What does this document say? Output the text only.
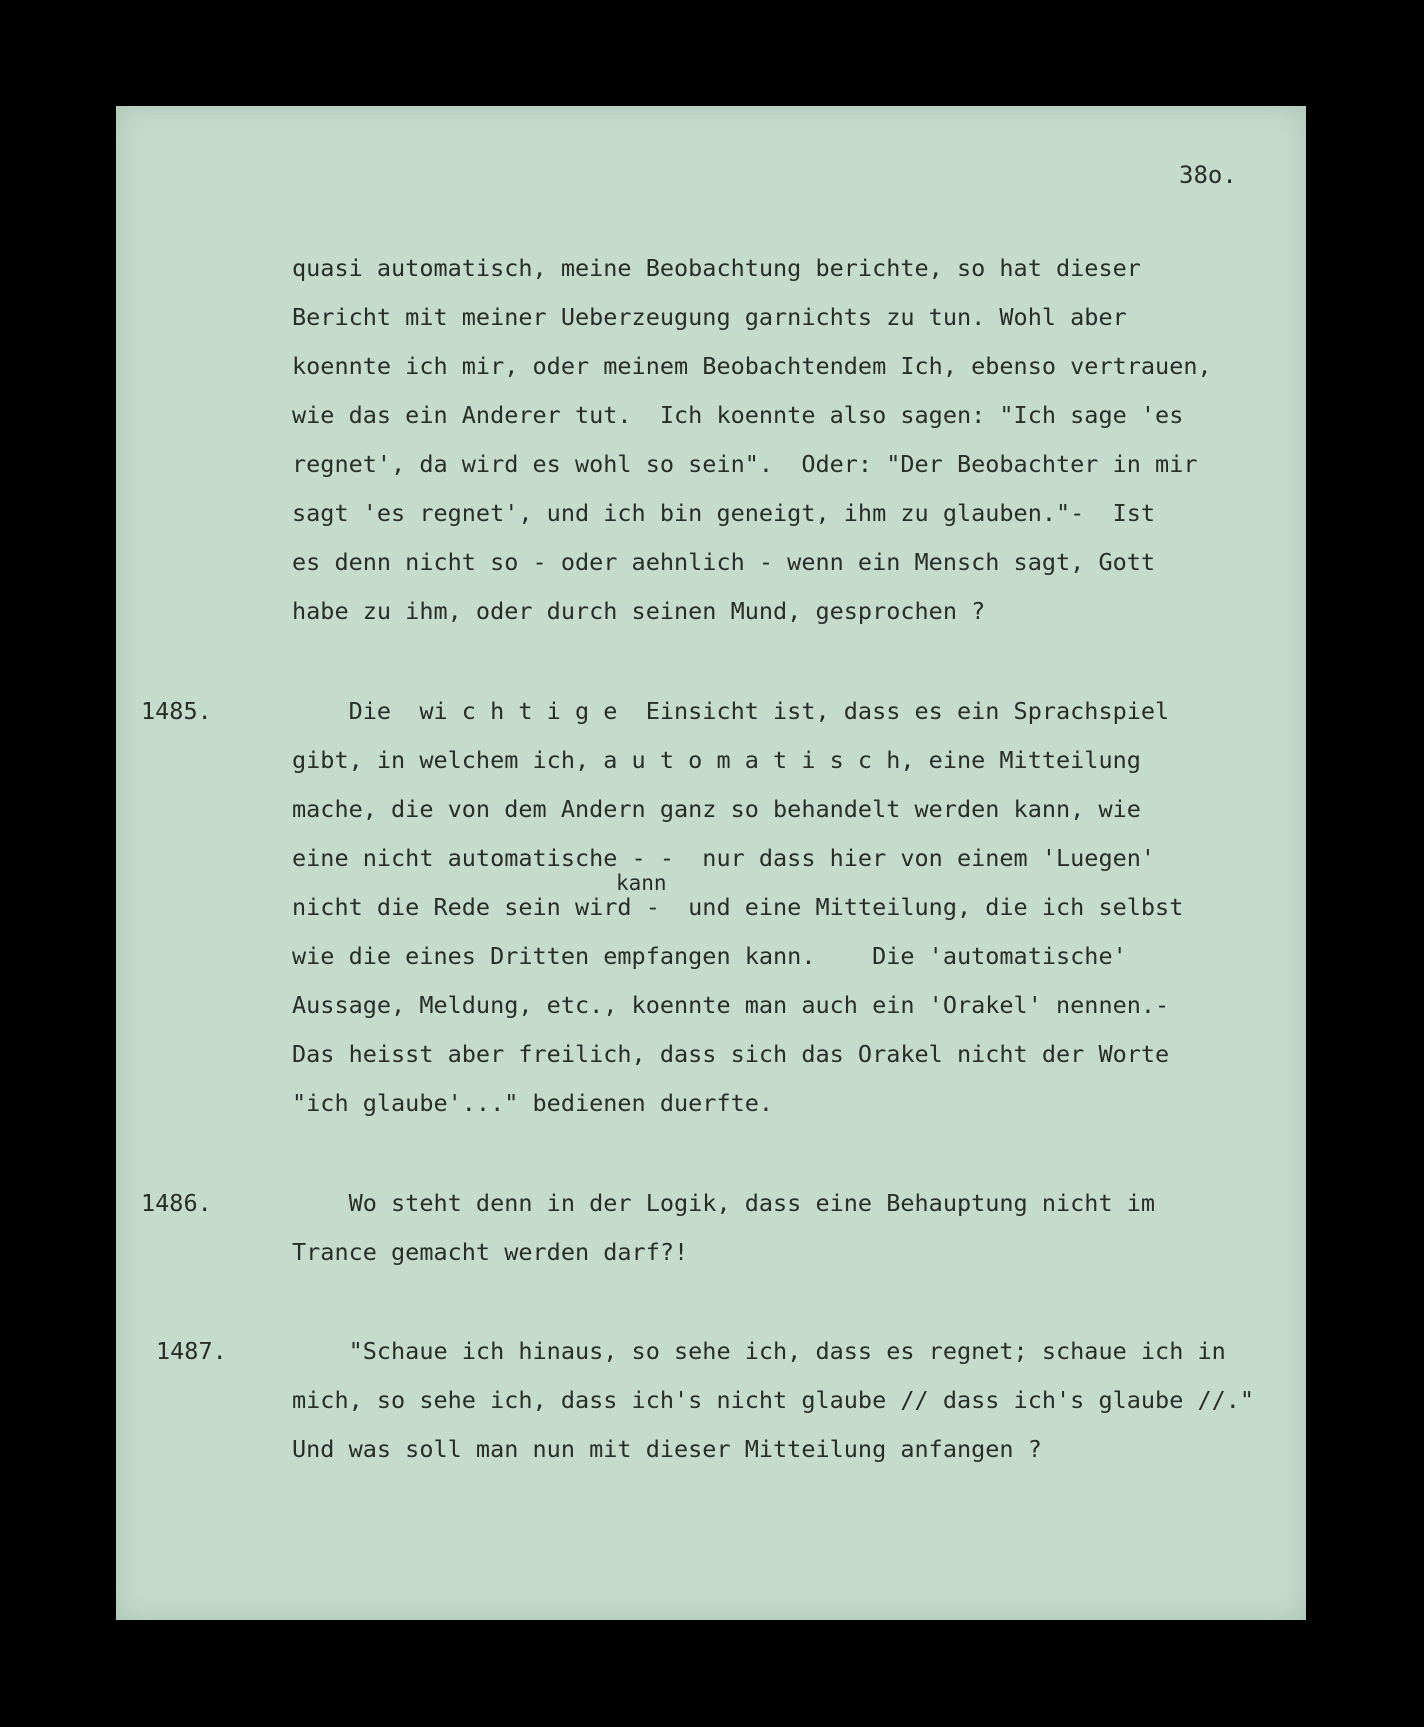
38o.
quasi automatisch, meine Beobachtung berichte, so hat dieser
Bericht mit meiner Ueberzeugung garnichts zu tun. Wohl aber
koennte ich mir, oder meinem Beobachtendem Ich, ebenso vertrauen,
wie das ein Anderer tut.  Ich koennte also sagen: "Ich sage 'es
regnet', da wird es wohl so sein".  Oder: "Der Beobachter in mir
sagt 'es regnet', und ich bin geneigt, ihm zu glauben."-  Ist
es denn nicht so - oder aehnlich - wenn ein Mensch sagt, Gott
habe zu ihm, oder durch seinen Mund, gesprochen ?
1485.	Die  wi c h t i g e  Einsicht ist, dass es ein Sprachspiel
gibt, in welchem ich, a u t o m a t i s c h, eine Mitteilung
mache, die von dem Andern ganz so behandelt werden kann, wie
eine nicht automatische - -  nur dass hier von einem 'Luegen'
kann
nicht die Rede sein wird -  und eine Mitteilung, die ich selbst
wie die eines Dritten empfangen kann.    Die 'automatische'
Aussage, Meldung, etc., koennte man auch ein 'Orakel' nennen.-
Das heisst aber freilich, dass sich das Orakel nicht der Worte
"ich glaube'..." bedienen duerfte.
1486.	Wo steht denn in der Logik, dass eine Behauptung nicht im
Trance gemacht werden darf?!
1487.	"Schaue ich hinaus, so sehe ich, dass es regnet; schaue ich in
mich, so sehe ich, dass ich's nicht glaube // dass ich's glaube //."
Und was soll man nun mit dieser Mitteilung anfangen ?
